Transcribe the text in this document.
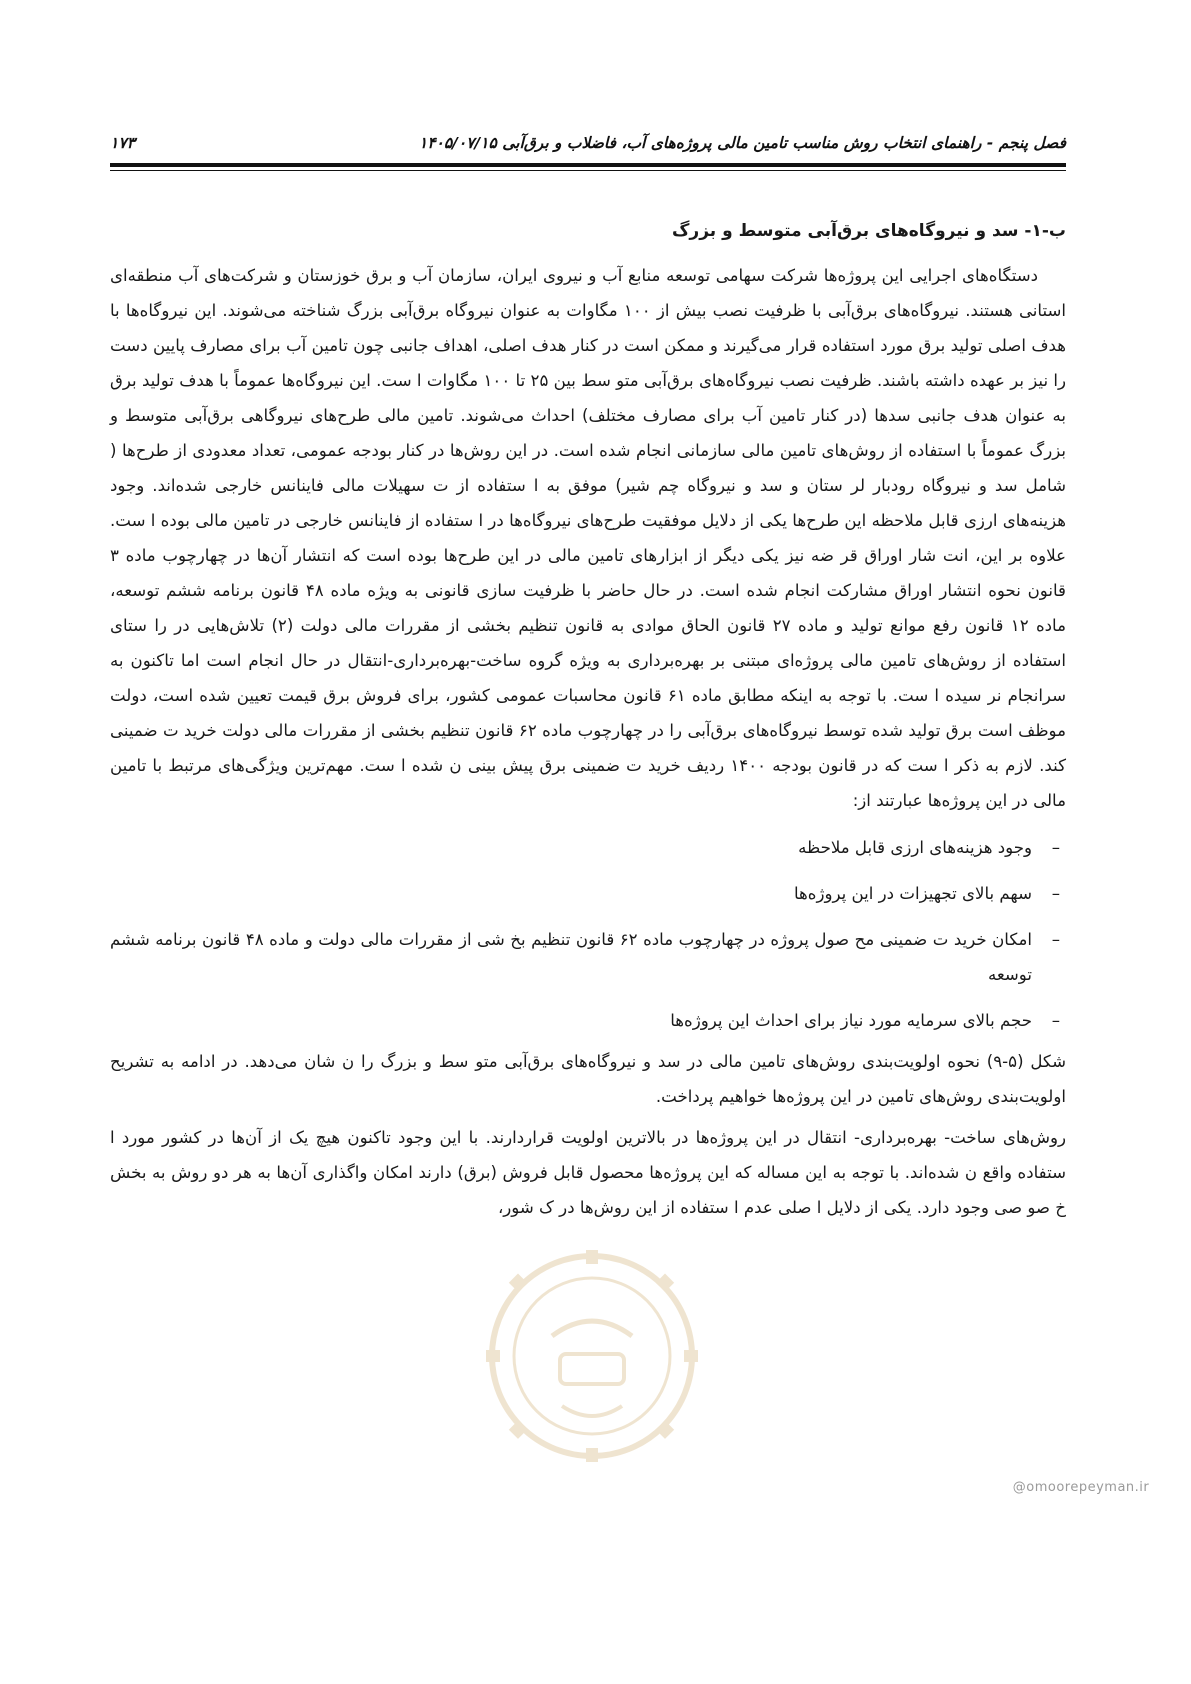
فصل پنجم - راهنمای انتخاب روش مناسب تامین مالی پروژه‌های آب، فاضلاب و برق‌آبی ۱۴۰۵/۰۷/۱۵
۱۷۳
@omoorepeyman.ir
ب-۱- سد و نیروگاه‌های برق‌آبی متوسط و بزرگ

دستگاه‌های اجرایی این پروژه‌ها شرکت سهامی توسعه منابع آب و نیروی ایران، سازمان آب و برق خوزستان و شرکت‌های آب منطقه‌ای استانی هستند. نیروگاه‌های برق‌آبی با ظرفیت نصب بیش از ۱۰۰ مگاوات به عنوان نیروگاه برق‌آبی بزرگ شناخته می‌شوند. این نیروگاه‌ها با هدف اصلی تولید برق مورد استفاده قرار می‌گیرند و ممکن است در کنار هدف اصلی، اهداف جانبی چون تامین آب برای مصارف پایین دست را نیز بر عهده داشته باشند. ظرفیت نصب نیروگاه‌های برق‌آبی متو سط بین ۲۵ تا ۱۰۰ مگاوات ا ست. این نیروگاه‌ها عموماً با هدف تولید برق به عنوان هدف جانبی سدها (در کنار تامین آب برای مصارف مختلف) احداث می‌شوند. تامین مالی طرح‌های نیروگاهی برق‌آبی متوسط و بزرگ عموماً با استفاده از روش‌های تامین مالی سازمانی انجام شده است. در این روش‌ها در کنار بودجه عمومی، تعداد معدودی از طرح‌ها ( شامل سد و نیروگاه رودبار لر ستان و سد و نیروگاه چم شیر) موفق به ا ستفاده از ت سهیلات مالی فاینانس خارجی شده‌اند. وجود هزینه‌های ارزی قابل ملاحظه این طرح‌ها یکی از دلایل موفقیت طرح‌های نیروگاه‌ها در ا ستفاده از فاینانس خارجی در تامین مالی بوده ا ست. علاوه بر این، انت شار اوراق قر ضه نیز یکی دیگر از ابزارهای تامین مالی در این طرح‌ها بوده است که انتشار آن‌ها در چهارچوب ماده ۳ قانون نحوه انتشار اوراق مشارکت انجام شده است. در حال حاضر با ظرفیت سازی قانونی به ویژه ماده ۴۸ قانون برنامه ششم توسعه، ماده ۱۲ قانون رفع موانع تولید و ماده ۲۷ قانون الحاق موادی به قانون تنظیم بخشی از مقررات مالی دولت (۲) تلاش‌هایی در را ستای استفاده از روش‌های تامین مالی پروژه‌ای مبتنی بر بهره‌برداری به ویژه گروه ساخت-بهره‌برداری-انتقال در حال انجام است اما تاکنون به سرانجام نر سیده ا ست. با توجه به اینکه مطابق ماده ۶۱ قانون محاسبات عمومی کشور، برای فروش برق قیمت تعیین شده است، دولت موظف است برق تولید شده توسط نیروگاه‌های برق‌آبی را در چهارچوب ماده ۶۲ قانون تنظیم بخشی از مقررات مالی دولت خرید ت ضمینی کند. لازم به ذکر ا ست که در قانون بودجه ۱۴۰۰ ردیف خرید ت ضمینی برق پیش بینی ن شده ا ست. مهم‌ترین ویژگی‌های مرتبط با تامین مالی در این پروژه‌ها عبارتند از:

–
وجود هزینه‌های ارزی قابل ملاحظه
–
سهم بالای تجهیزات در این پروژه‌ها
–
امکان خرید ت ضمینی مح صول پروژه در چهارچوب ماده ۶۲ قانون تنظیم بخ شی از مقررات مالی دولت و ماده ۴۸ قانون برنامه ششم توسعه
–
حجم بالای سرمایه مورد نیاز برای احداث این پروژه‌ها

شکل (۵-۹) نحوه اولویت‌بندی روش‌های تامین مالی در سد و نیروگاه‌های برق‌آبی متو سط و بزرگ را ن شان می‌دهد. در ادامه به تشریح اولویت‌بندی روش‌های تامین در این پروژه‌ها خواهیم پرداخت.

روش‌های ساخت- بهره‌برداری- انتقال در این پروژه‌ها در بالاترین اولویت قراردارند. با این وجود تاکنون هیچ یک از آن‌ها در کشور مورد ا ستفاده واقع ن شده‌اند. با توجه به این مساله که این پروژه‌ها محصول قابل فروش (برق) دارند امکان واگذاری آن‌ها به هر دو روش به بخش خ صو صی وجود دارد. یکی از دلایل ا صلی عدم ا ستفاده از این روش‌ها در ک شور،
